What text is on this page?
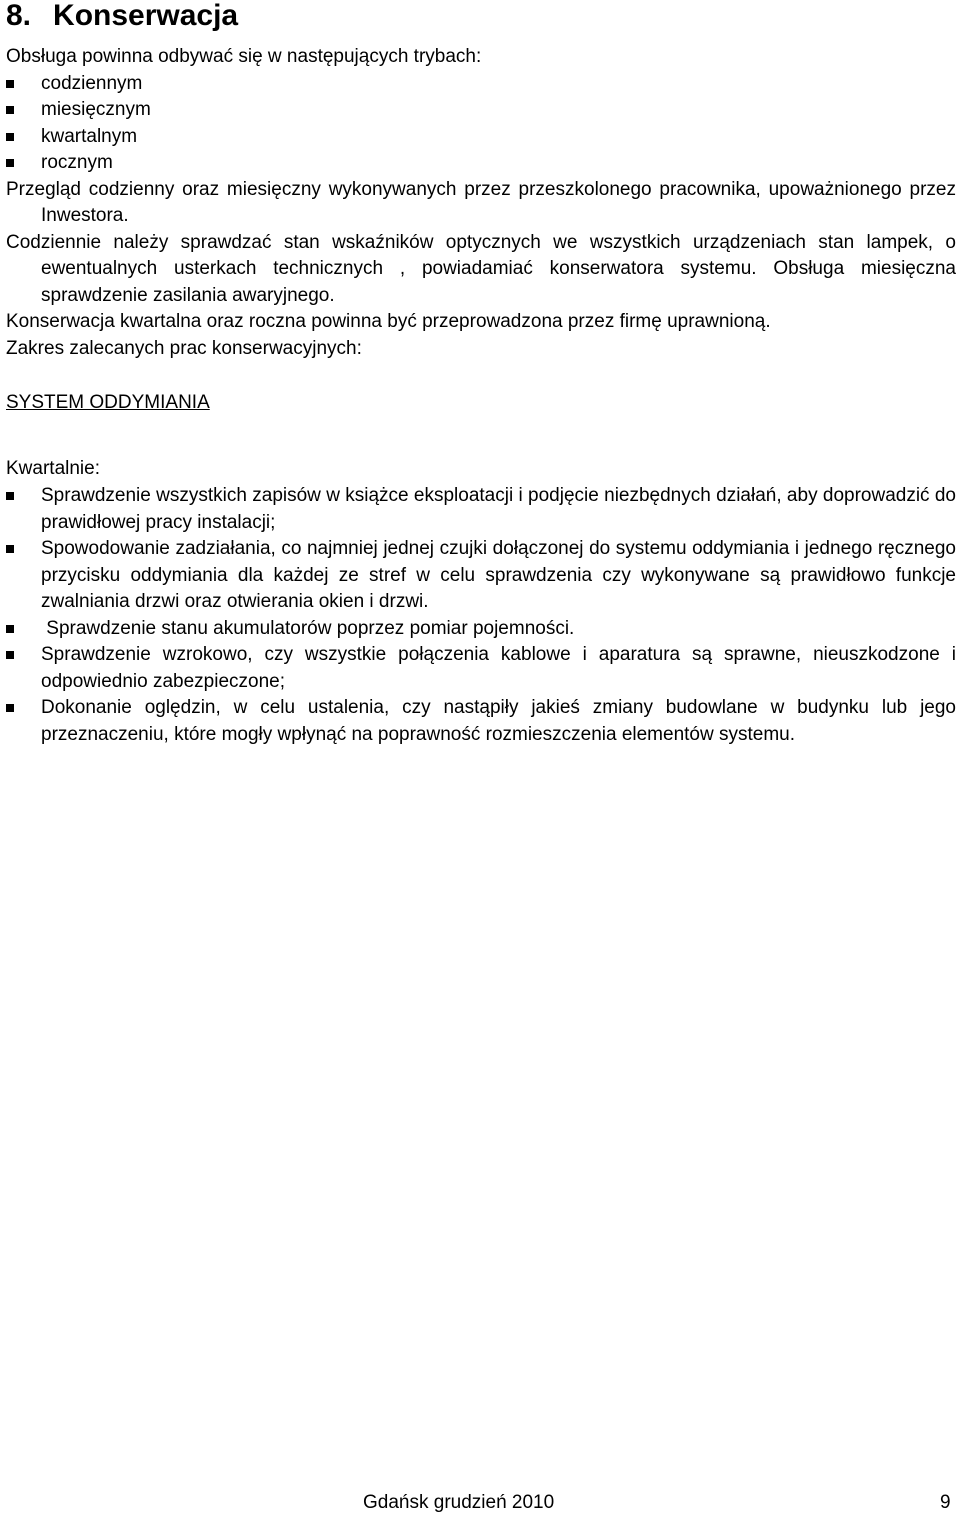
8. Konserwacja

Obsługa powinna odbywać się w następujących trybach:

codziennym
miesięcznym
kwartalnym
rocznym

Przegląd codzienny oraz miesięczny wykonywanych przez przeszkolonego pracownika, upoważnionego przez Inwestora.

Codziennie należy sprawdzać stan wskaźników optycznych we wszystkich urządzeniach stan lampek, o ewentualnych usterkach technicznych , powiadamiać konserwatora systemu. Obsługa miesięczna sprawdzenie zasilania awaryjnego.

Konserwacja kwartalna oraz roczna powinna być przeprowadzona przez firmę uprawnioną.

Zakres zalecanych prac konserwacyjnych:

SYSTEM ODDYMIANIA
Kwartalnie:
Sprawdzenie wszystkich zapisów w książce eksploatacji i podjęcie niezbędnych działań, aby doprowadzić do prawidłowej pracy instalacji;
Spowodowanie zadziałania, co najmniej jednej czujki dołączonej do systemu oddymiania i jednego ręcznego przycisku oddymiania dla każdej ze stref w celu sprawdzenia czy wykonywane są prawidłowo funkcje zwalniania drzwi oraz otwierania okien i drzwi.
Sprawdzenie stanu akumulatorów poprzez pomiar pojemności.
Sprawdzenie wzrokowo, czy wszystkie połączenia kablowe i aparatura są sprawne, nieuszkodzone i odpowiednio zabezpieczone;
Dokonanie oględzin, w celu ustalenia, czy nastąpiły jakieś zmiany budowlane w budynku lub jego przeznaczeniu, które mogły wpłynąć na poprawność rozmieszczenia elementów systemu.
Gdańsk grudzień 2010	9
